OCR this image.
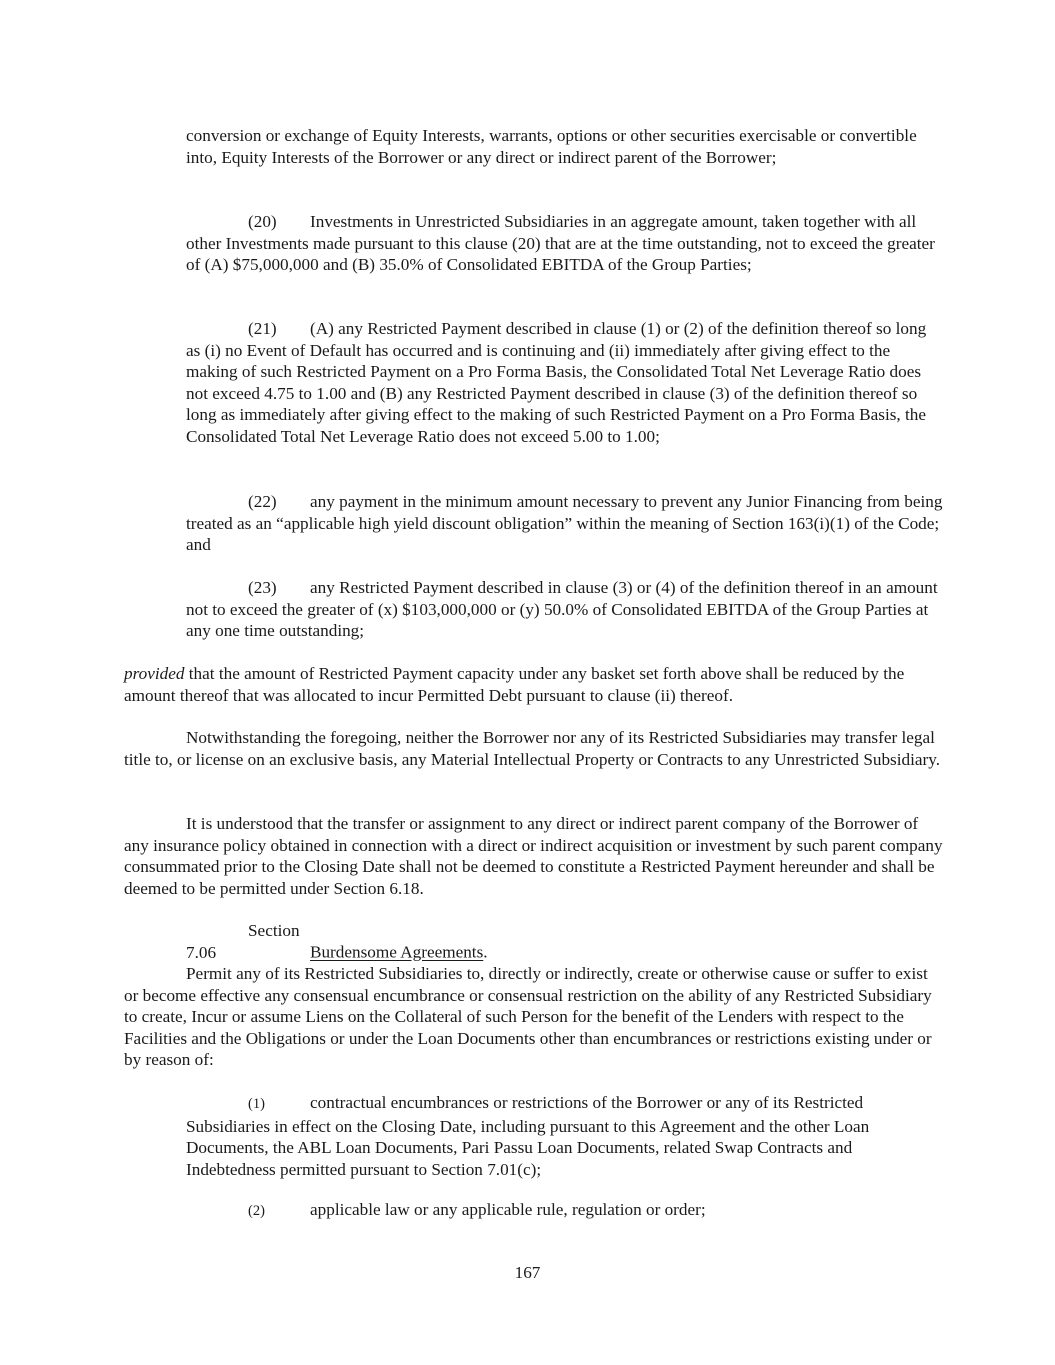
conversion or exchange of Equity Interests, warrants, options or other securities exercisable or convertible into, Equity Interests of the Borrower or any direct or indirect parent of the Borrower;

(20) Investments in Unrestricted Subsidiaries in an aggregate amount, taken together with all other Investments made pursuant to this clause (20) that are at the time outstanding, not to exceed the greater of (A) $75,000,000 and (B) 35.0% of Consolidated EBITDA of the Group Parties;

(21) (A) any Restricted Payment described in clause (1) or (2) of the definition thereof so long as (i) no Event of Default has occurred and is continuing and (ii) immediately after giving effect to the making of such Restricted Payment on a Pro Forma Basis, the Consolidated Total Net Leverage Ratio does not exceed 4.75 to 1.00 and (B) any Restricted Payment described in clause (3) of the definition thereof so long as immediately after giving effect to the making of such Restricted Payment on a Pro Forma Basis, the Consolidated Total Net Leverage Ratio does not exceed 5.00 to 1.00;

(22) any payment in the minimum amount necessary to prevent any Junior Financing from being treated as an “applicable high yield discount obligation” within the meaning of Section 163(i)(1) of the Code; and

(23) any Restricted Payment described in clause (3) or (4) of the definition thereof in an amount not to exceed the greater of (x) $103,000,000 or (y) 50.0% of Consolidated EBITDA of the Group Parties at any one time outstanding;

provided that the amount of Restricted Payment capacity under any basket set forth above shall be reduced by the amount thereof that was allocated to incur Permitted Debt pursuant to clause (ii) thereof.

Notwithstanding the foregoing, neither the Borrower nor any of its Restricted Subsidiaries may transfer legal title to, or license on an exclusive basis, any Material Intellectual Property or Contracts to any Unrestricted Subsidiary.

It is understood that the transfer or assignment to any direct or indirect parent company of the Borrower of any insurance policy obtained in connection with a direct or indirect acquisition or investment by such parent company consummated prior to the Closing Date shall not be deemed to constitute a Restricted Payment hereunder and shall be deemed to be permitted under Section 6.18.

Section 7.06	Burdensome Agreements.

Permit any of its Restricted Subsidiaries to, directly or indirectly, create or otherwise cause or suffer to exist or become effective any consensual encumbrance or consensual restriction on the ability of any Restricted Subsidiary to create, Incur or assume Liens on the Collateral of such Person for the benefit of the Lenders with respect to the Facilities and the Obligations or under the Loan Documents other than encumbrances or restrictions existing under or by reason of:

(1)	contractual encumbrances or restrictions of the Borrower or any of its Restricted Subsidiaries in effect on the Closing Date, including pursuant to this Agreement and the other Loan Documents, the ABL Loan Documents, Pari Passu Loan Documents, related Swap Contracts and Indebtedness permitted pursuant to Section 7.01(c);

(2)	applicable law or any applicable rule, regulation or order;

167
